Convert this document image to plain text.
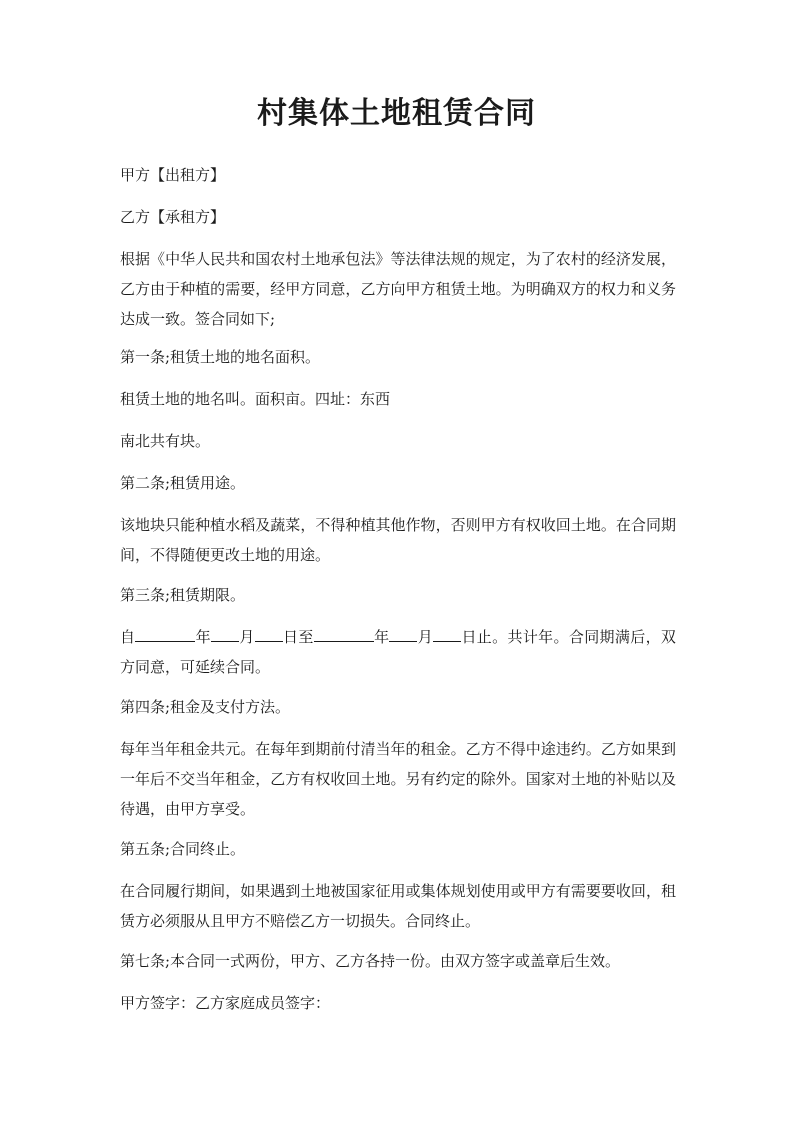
村集体土地租赁合同
甲方【出租方】
乙方【承租方】
根据《中华人民共和国农村土地承包法》等法律法规的规定，为了农村的经济发展，乙方由于种植的需要，经甲方同意，乙方向甲方租赁土地。为明确双方的权力和义务达成一致。签合同如下;
第一条;租赁土地的地名面积。
租赁土地的地名叫。面积亩。四址：东西
南北共有块。
第二条;租赁用途。
该地块只能种植水稻及蔬菜，不得种植其他作物，否则甲方有权收回土地。在合同期间，不得随便更改土地的用途。
第三条;租赁期限。
自	年 月 日至	年 月 日止。共计年。合同期满后，双方同意，可延续合同。
第四条;租金及支付方法。
每年当年租金共元。在每年到期前付清当年的租金。乙方不得中途违约。乙方如果到一年后不交当年租金，乙方有权收回土地。另有约定的除外。国家对土地的补贴以及待遇，由甲方享受。
第五条;合同终止。
在合同履行期间，如果遇到土地被国家征用或集体规划使用或甲方有需要要收回，租赁方必须服从且甲方不赔偿乙方一切损失。合同终止。
第七条;本合同一式两份，甲方、乙方各持一份。由双方签字或盖章后生效。
甲方签字：乙方家庭成员签字：
